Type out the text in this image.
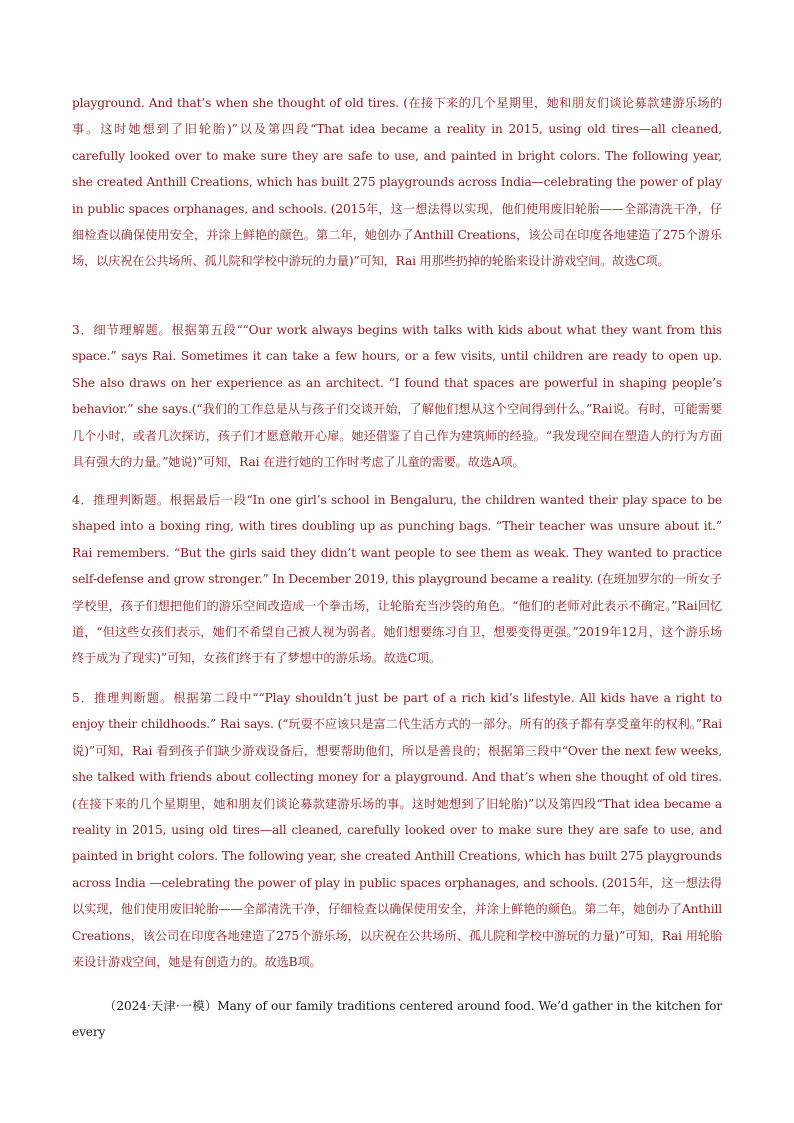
playground. And that’s when she thought of old tires. (在接下来的几个星期里，她和朋友们谈论募款建游乐场的事。这时她想到了旧轮胎)”以及第四段“That idea became a reality in 2015, using old tires—all cleaned, carefully looked over to make sure they are safe to use, and painted in bright colors. The following year, she created Anthill Creations, which has built 275 playgrounds across India—celebrating the power of play in public spaces orphanages, and schools. (2015年，这一想法得以实现，他们使用废旧轮胎——全部清洗干净，仔细检查以确保使用安全，并涂上鲜艳的颜色。第二年，她创办了Anthill Creations，该公司在印度各地建造了275个游乐场，以庆祝在公共场所、孤儿院和学校中游玩的力量)”可知，Rai 用那些扔掉的轮胎来设计游戏空间。故选C项。

3．细节理解题。根据第五段““Our work always begins with talks with kids about what they want from this space.” says Rai. Sometimes it can take a few hours, or a few visits, until children are ready to open up. She also draws on her experience as an architect. “I found that spaces are powerful in shaping people’s behavior.” she says.(“我们的工作总是从与孩子们交谈开始，了解他们想从这个空间得到什么。”Rai说。有时，可能需要几个小时，或者几次探访，孩子们才愿意敞开心扉。她还借鉴了自己作为建筑师的经验。“我发现空间在塑造人的行为方面具有强大的力量。”她说)”可知，Rai 在进行她的工作时考虑了儿童的需要。故选A项。

4．推理判断题。根据最后一段“In one girl’s school in Bengaluru, the children wanted their play space to be shaped into a boxing ring, with tires doubling up as punching bags. “Their teacher was unsure about it.” Rai remembers. “But the girls said they didn’t want people to see them as weak. They wanted to practice self-defense and grow stronger.” In December 2019, this playground became a reality. (在班加罗尔的一所女子学校里，孩子们想把他们的游乐空间改造成一个拳击场，让轮胎充当沙袋的角色。“他们的老师对此表示不确定。”Rai回忆道，“但这些女孩们表示，她们不希望自己被人视为弱者。她们想要练习自卫，想要变得更强。”2019年12月，这个游乐场终于成为了现实)”可知，女孩们终于有了梦想中的游乐场。故选C项。

5．推理判断题。根据第二段中““Play shouldn’t just be part of a rich kid’s lifestyle. All kids have a right to enjoy their childhoods.” Rai says. (“玩耍不应该只是富二代生活方式的一部分。所有的孩子都有享受童年的权利。”Rai说)”可知，Rai 看到孩子们缺少游戏设备后，想要帮助他们，所以是善良的；根据第三段中“Over the next few weeks, she talked with friends about collecting money for a playground. And that’s when she thought of old tires. (在接下来的几个星期里，她和朋友们谈论募款建游乐场的事。这时她想到了旧轮胎)”以及第四段“That idea became a reality in 2015, using old tires—all cleaned, carefully looked over to make sure they are safe to use, and painted in bright colors. The following year, she created Anthill Creations, which has built 275 playgrounds across India —celebrating the power of play in public spaces orphanages, and schools. (2015年，这一想法得以实现，他们使用废旧轮胎——全部清洗干净，仔细检查以确保使用安全，并涂上鲜艳的颜色。第二年，她创办了Anthill Creations，该公司在印度各地建造了275个游乐场，以庆祝在公共场所、孤儿院和学校中游玩的力量)”可知，Rai 用轮胎来设计游戏空间，她是有创造力的。故选B项。

（2024·天津·一模）Many of our family traditions centered around food. We’d gather in the kitchen for every
